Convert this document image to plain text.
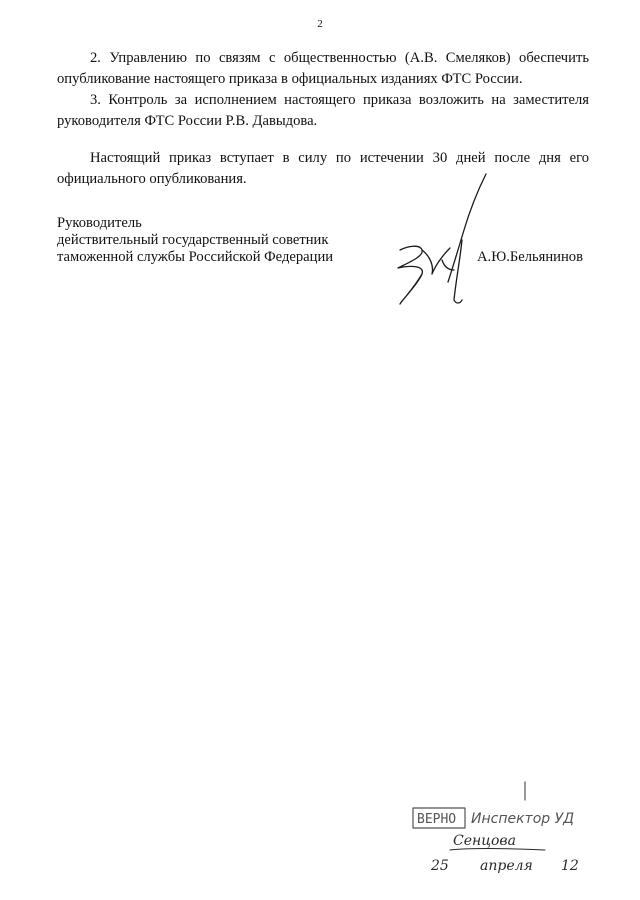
2

2. Управлению по связям с общественностью (А.В. Смеляков) обеспечить опубликование настоящего приказа в официальных изданиях ФТС России.

3. Контроль за исполнением настоящего приказа возложить на заместителя руководителя ФТС России Р.В. Давыдова.

Настоящий приказ вступает в силу по истечении 30 дней после дня его официального опубликования.

Руководитель
действительный государственный советник
таможенной службы Российской Федерации	А.Ю.Бельянинов
ВЕРНО Инспектор УД
Сенцова
25 апреля 12
